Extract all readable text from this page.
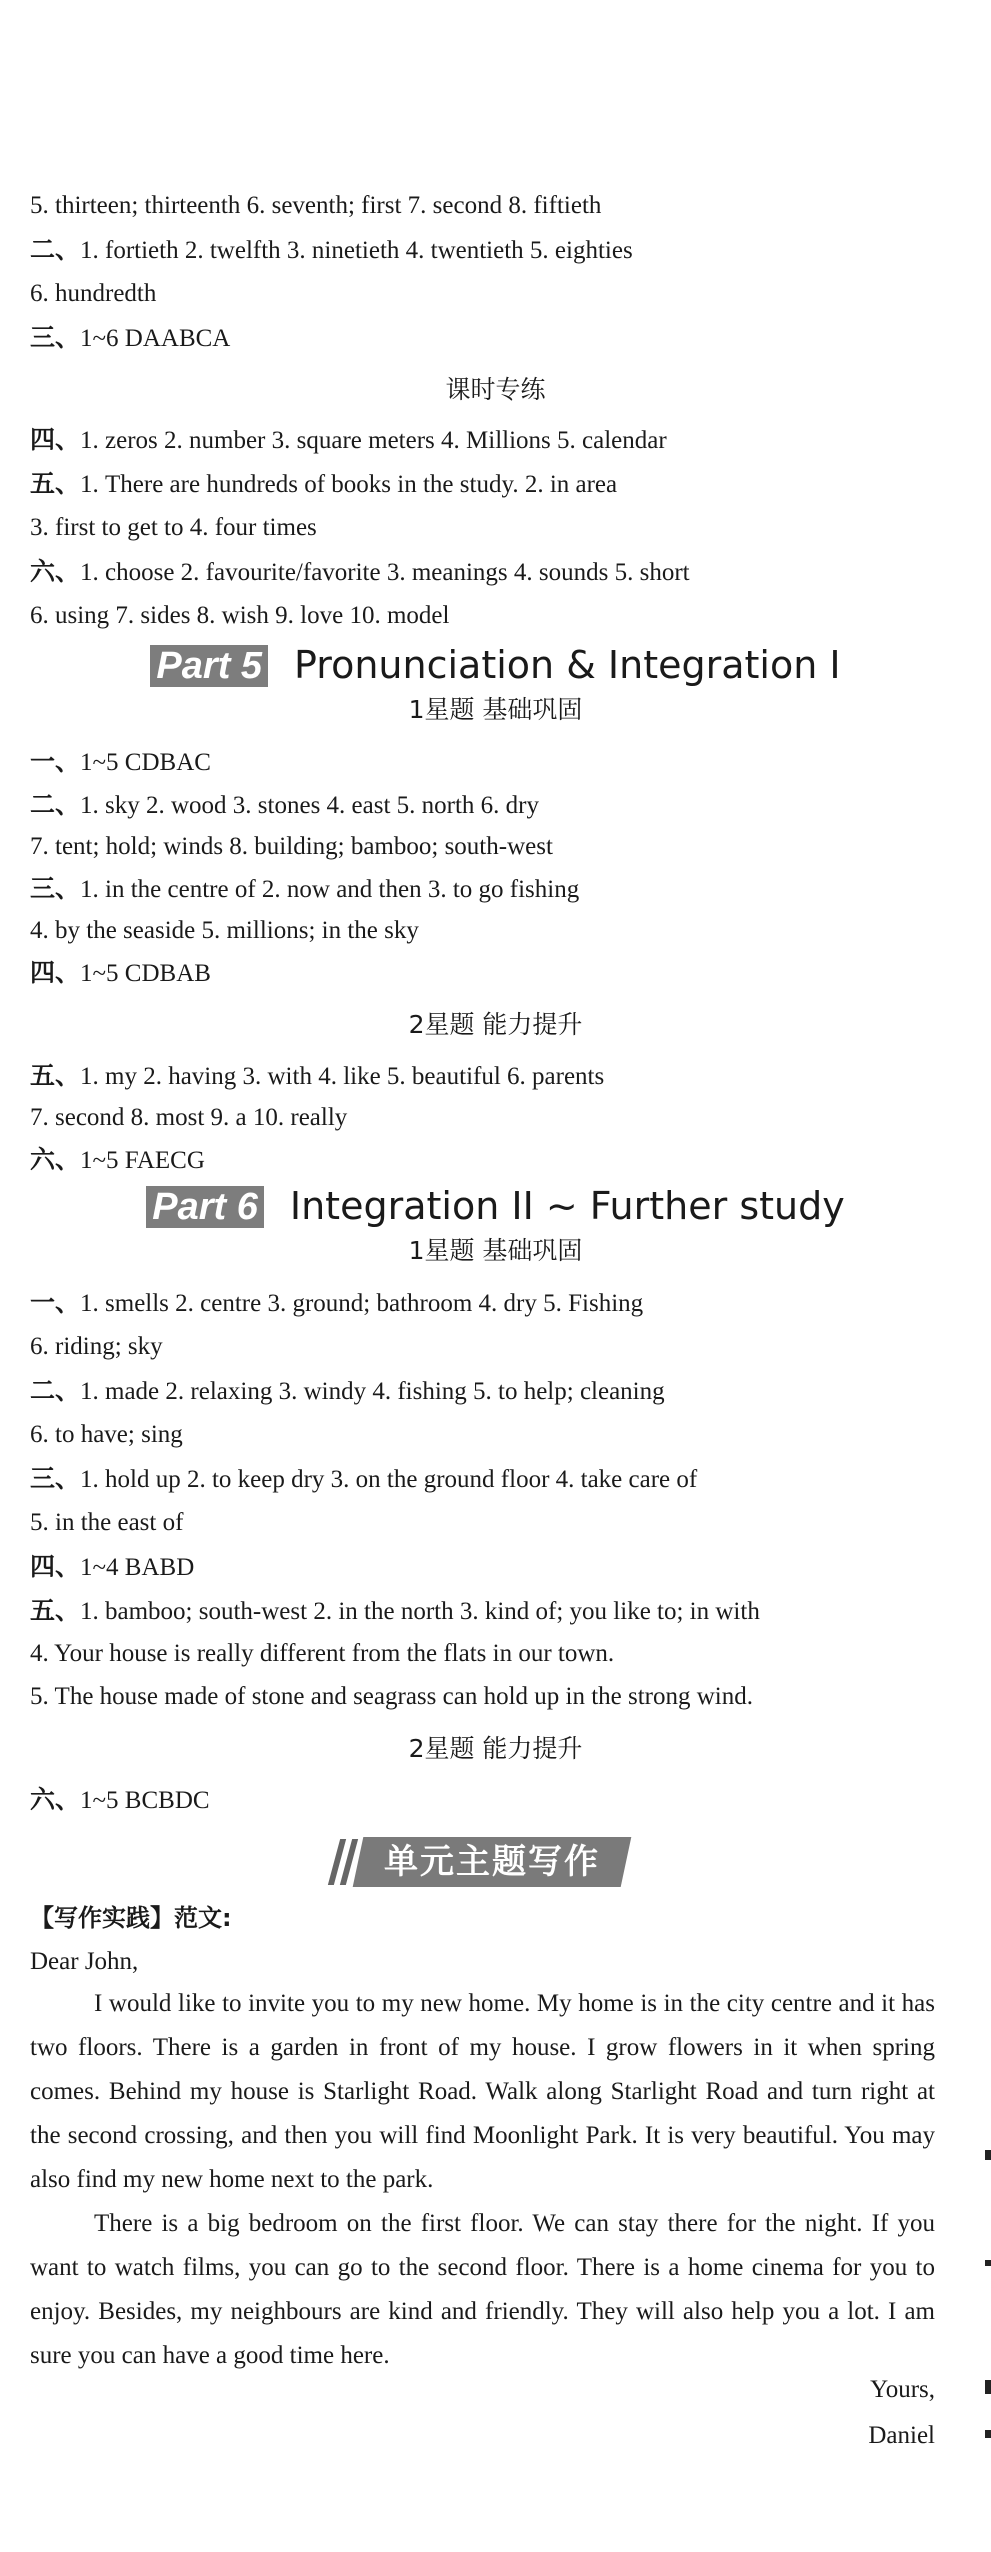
5. thirteen; thirteenth 6. seventh; first 7. second 8. fiftieth
二、1. fortieth 2. twelfth 3. ninetieth 4. twentieth 5. eighties
6. hundredth
三、1~6 DAABCA
课时专练
四、1. zeros 2. number 3. square meters 4. Millions 5. calendar
五、1. There are hundreds of books in the study. 2. in area
3. first to get to 4. four times
六、1. choose 2. favourite/favorite 3. meanings 4. sounds 5. short
6. using 7. sides 8. wish 9. love 10. model
Part 5 Pronunciation & Integration I
1星题 基础巩固
一、1~5 CDBAC
二、1. sky 2. wood 3. stones 4. east 5. north 6. dry
7. tent; hold; winds 8. building; bamboo; south-west
三、1. in the centre of 2. now and then 3. to go fishing
4. by the seaside 5. millions; in the sky
四、1~5 CDBAB
2星题 能力提升
五、1. my 2. having 3. with 4. like 5. beautiful 6. parents
7. second 8. most 9. a 10. really
六、1~5 FAECG
Part 6 Integration II ~ Further study
1星题 基础巩固
一、1. smells 2. centre 3. ground; bathroom 4. dry 5. Fishing
6. riding; sky
二、1. made 2. relaxing 3. windy 4. fishing 5. to help; cleaning
6. to have; sing
三、1. hold up 2. to keep dry 3. on the ground floor 4. take care of
5. in the east of
四、1~4 BABD
五、1. bamboo; south-west 2. in the north 3. kind of; you like to; in with
4. Your house is really different from the flats in our town.
5. The house made of stone and seagrass can hold up in the strong wind.
2星题 能力提升
六、1~5 BCBDC
单元主题写作
【写作实践】范文:
Dear John,
I would like to invite you to my new home. My home is in the city centre and it has two floors. There is a garden in front of my house. I grow flowers in it when spring comes. Behind my house is Starlight Road. Walk along Starlight Road and turn right at the second crossing, and then you will find Moonlight Park. It is very beautiful. You may also find my new home next to the park.
There is a big bedroom on the first floor. We can stay there for the night. If you want to watch films, you can go to the second floor. There is a home cinema for you to enjoy. Besides, my neighbours are kind and friendly. They will also help you a lot. I am sure you can have a good time here.
Yours,
Daniel
